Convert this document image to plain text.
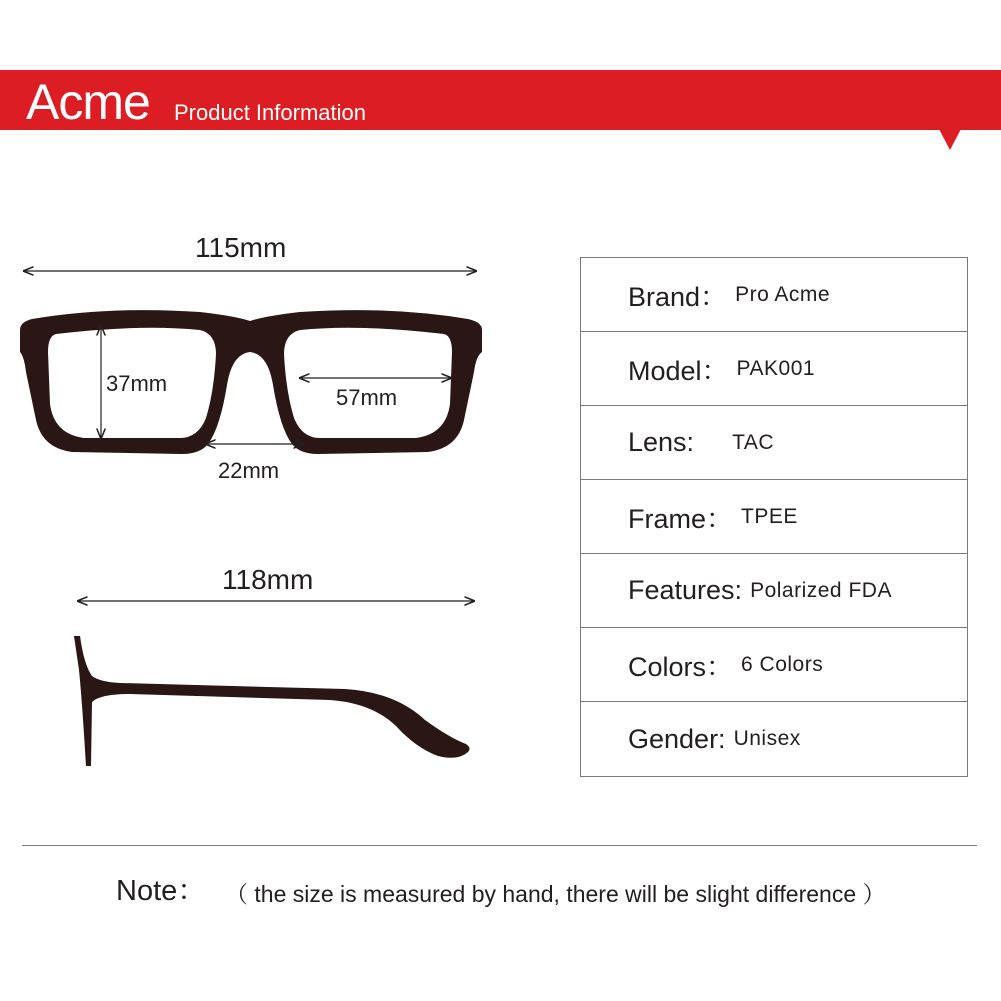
Acme Product Information
115mm
37mm
57mm
22mm
118mm
Brand： Pro Acme
Model： PAK001
Lens: TAC
Frame： TPEE
Features: Polarized FDA
Colors： 6 Colors
Gender: Unisex
Note： （ the size is measured by hand, there will be slight difference ）
